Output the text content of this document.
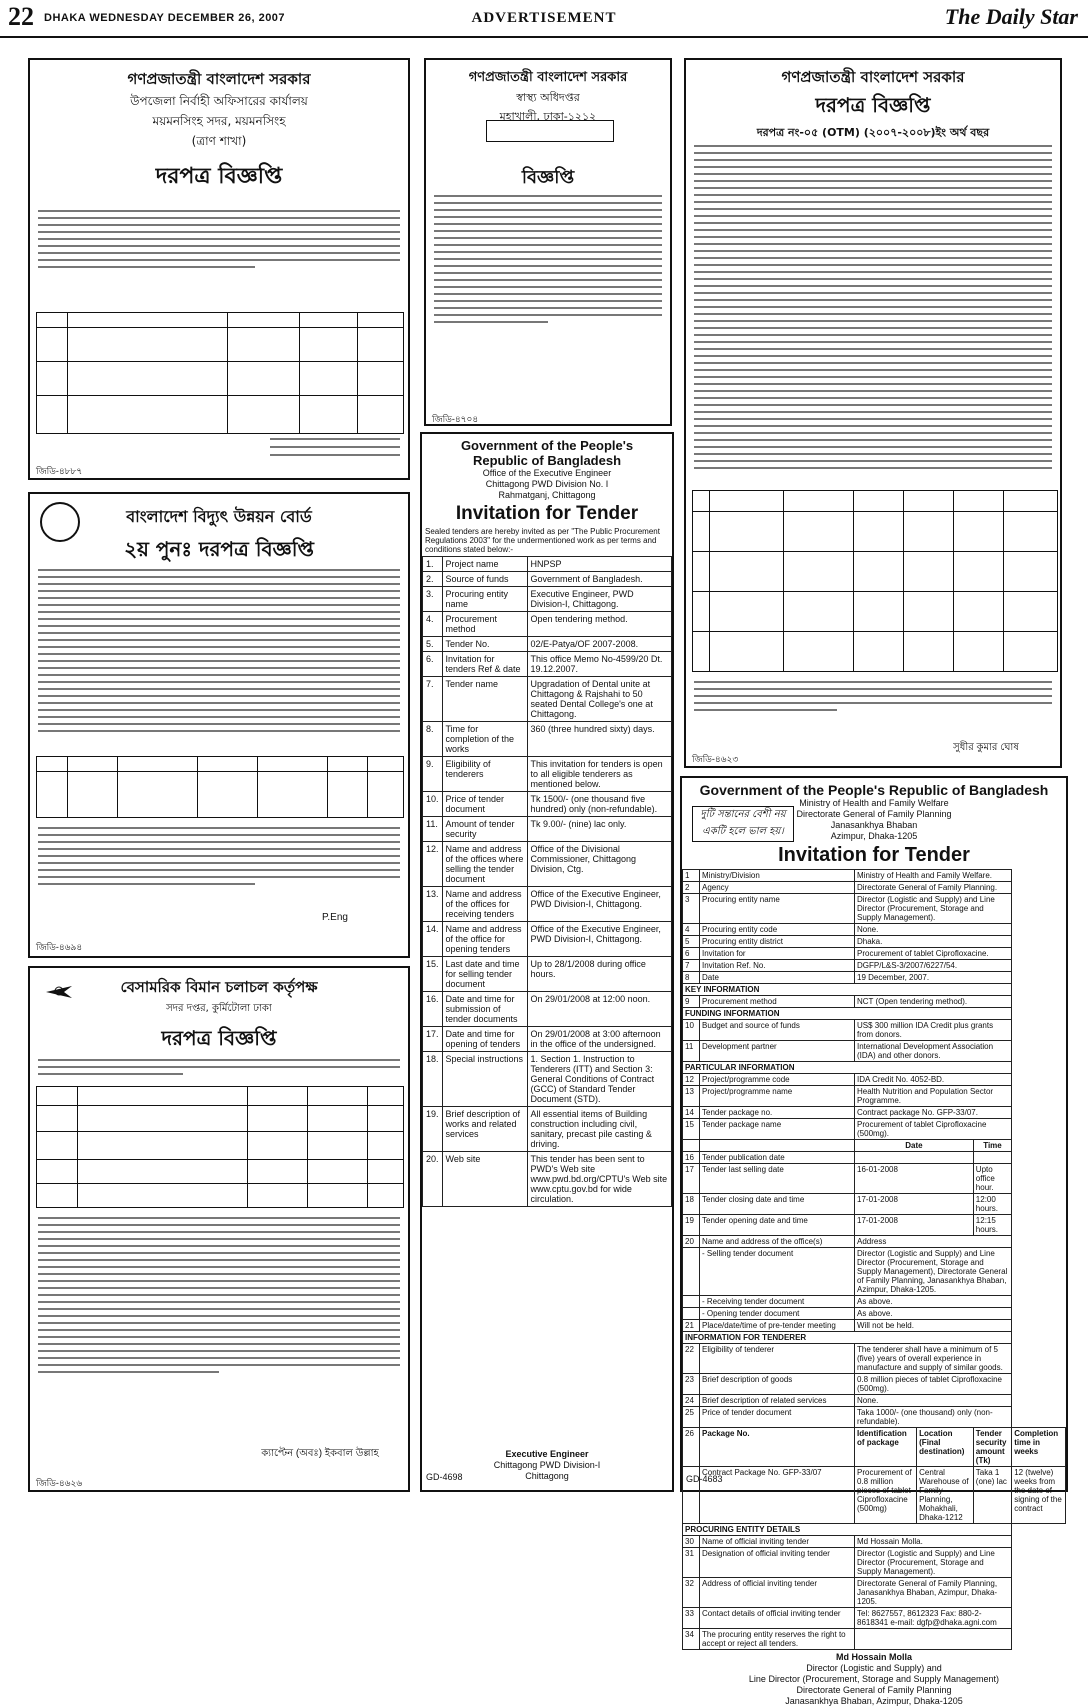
22 DHAKA WEDNESDAY DECEMBER 26, 2007	ADVERTISEMENT	The Daily Star
গণপ্রজাতন্ত্রী বাংলাদেশ সরকার
উপজেলা নির্বাহী অফিসারের কার্যালয়
ময়মনসিংহ সদর, ময়মনসিংহ
(ত্রাণ শাখা)
দরপত্র বিজ্ঞপ্তি
জিডি-৪৮৮৭
গণপ্রজাতন্ত্রী বাংলাদেশ সরকার
স্বাস্থ্য অধিদপ্তর
মহাখালী, ঢাকা-১২১২
বিজ্ঞপ্তি
জিডি-৪৭০৪
গণপ্রজাতন্ত্রী বাংলাদেশ সরকার
দরপত্র বিজ্ঞপ্তি
দরপত্র নং-০৫ (OTM) (২০০৭-২০০৮)ইং অর্থ বছর
সুধীর কুমার ঘোষ
জিডি-৪৬২৩
বাংলাদেশ বিদ্যুৎ উন্নয়ন বোর্ড
২য় পুনঃ দরপত্র বিজ্ঞপ্তি
P.Eng
জিডি-৪৬৯৪
Government of the People's Republic of Bangladesh
Office of the Executive Engineer
Chittagong PWD Division No. I
Rahmatganj, Chittagong
Invitation for Tender
Sealed tenders are hereby invited as per "The Public Procurement Regulations 2003" for the undermentioned work as per terms and conditions stated below:-
1.	Project name	HNPSP
2.	Source of funds	Government of Bangladesh.
3.	Procuring entity name	Executive Engineer, PWD Division-I, Chittagong.
4.	Procurement method	Open tendering method.
5.	Tender No.	02/E-Patya/OF 2007-2008.
6.	Invitation for tenders Ref & date	This office Memo No-4599/20 Dt. 19.12.2007.
7.	Tender name	Upgradation of Dental unite at Chittagong & Rajshahi to 50 seated Dental College's one at Chittagong.
8.	Time for completion of the works	360 (three hundred sixty) days.
9.	Eligibility of tenderers	This invitation for tenders is open to all eligible tenderers as mentioned below.
10.	Price of tender document	Tk 1500/- (one thousand five hundred) only (non-refundable).
11.	Amount of tender security	Tk 9.00/- (nine) lac only.
12.	Name and address of the offices where selling the tender document	Office of the Divisional Commissioner, Chittagong Division, Ctg.
13.	Name and address of the offices for receiving tenders	Office of the Executive Engineer, PWD Division-I, Chittagong.
14.	Name and address of the office for opening tenders	Office of the Executive Engineer, PWD Division-I, Chittagong.
15.	Last date and time for selling tender document	Up to 28/1/2008 during office hours.
16.	Date and time for submission of tender documents	On 29/01/2008 at 12:00 noon.
17.	Date and time for opening of tenders	On 29/01/2008 at 3:00 afternoon in the office of the undersigned.
18.	Special instructions	1. Section 1. Instruction to Tenderers (ITT) and Section 3: General Conditions of Contract (GCC) of Standard Tender Document (STD).
19.	Brief description of works and related services	All essential items of Building construction including civil, sanitary, precast pile casting & driving.
20.	Web site	This tender has been sent to PWD's Web site www.pwd.bd.org/CPTU's Web site www.cptu.gov.bd for wide circulation.
Executive Engineer
Chittagong PWD Division-I
Chittagong
GD-4698
বেসামরিক বিমান চলাচল কর্তৃপক্ষ
সদর দপ্তর, কুর্মিটোলা ঢাকা
দরপত্র বিজ্ঞপ্তি
ক্যাপ্টেন (অবঃ) ইকবাল উল্লাহ
জিডি-৪৬২৬
Government of the People's Republic of Bangladesh
Ministry of Health and Family Welfare
Directorate General of Family Planning
Janasankhya Bhaban
Azimpur, Dhaka-1205
দুটি সন্তানের বেশী নয়
একটি হলে ভাল হয়।
Invitation for Tender
1	Ministry/Division	Ministry of Health and Family Welfare.			
2	Agency	Directorate General of Family Planning.			
3	Procuring entity name	Director (Logistic and Supply) and Line Director (Procurement, Storage and Supply Management).			
4	Procuring entity code	None.			
5	Procuring entity district	Dhaka.			
6	Invitation for	Procurement of tablet Ciprofloxacine.			
7	Invitation Ref. No.	DGFP/L&S-3/2007/6227/54.			
8	Date	19 December, 2007.			
KEY INFORMATION					
9	Procurement method	NCT (Open tendering method).			
FUNDING INFORMATION					
10	Budget and source of funds	US$ 300 million IDA Credit plus grants from donors.			
11	Development partner	International Development Association (IDA) and other donors.			
PARTICULAR INFORMATION					
12	Project/programme code	IDA Credit No. 4052-BD.			
13	Project/programme name	Health Nutrition and Population Sector Programme.			
14	Tender package no.	Contract package No. GFP-33/07.			
15	Tender package name	Procurement of tablet Ciprofloxacine (500mg).			
		Date		Time	
16	Tender publication date				
17	Tender last selling date	16-01-2008		Upto office hour.	
18	Tender closing date and time	17-01-2008		12:00 hours.	
19	Tender opening date and time	17-01-2008		12:15 hours.	
20	Name and address of the office(s)	Address			
	- Selling tender document	Director (Logistic and Supply) and Line Director (Procurement, Storage and Supply Management), Directorate General of Family Planning, Janasankhya Bhaban, Azimpur, Dhaka-1205.			
	- Receiving tender document	As above.			
	- Opening tender document	As above.			
21	Place/date/time of pre-tender meeting	Will not be held.			
INFORMATION FOR TENDERER					
22	Eligibility of tenderer	The tenderer shall have a minimum of 5 (five) years of overall experience in manufacture and supply of similar goods.			
23	Brief description of goods	0.8 million pieces of tablet Ciprofloxacine (500mg).			
24	Brief description of related services	None.			
25	Price of tender document	Taka 1000/- (one thousand) only (non-refundable).			
26	Package No.	Identification of package	Location (Final destination)	Tender security amount (Tk)	Completion time in weeks
	Contract Package No. GFP-33/07	Procurement of 0.8 million pieces of tablet Ciprofloxacine (500mg)	Central Warehouse of Family Planning, Mohakhali, Dhaka-1212	Taka 1 (one) lac	12 (twelve) weeks from the date of signing of the contract
PROCURING ENTITY DETAILS					
30	Name of official inviting tender	Md Hossain Molla.			
31	Designation of official inviting tender	Director (Logistic and Supply) and Line Director (Procurement, Storage and Supply Management).			
32	Address of official inviting tender	Directorate General of Family Planning, Janasankhya Bhaban, Azimpur, Dhaka-1205.			
33	Contact details of official inviting tender	Tel: 8627557, 8612323 Fax: 880-2-8618341 e-mail: dgfp@dhaka.agni.com			
34	The procuring entity reserves the right to accept or reject all tenders.				
Md Hossain Molla
Director (Logistic and Supply) and
Line Director (Procurement, Storage and Supply Management)
Directorate General of Family Planning
Janasankhya Bhaban, Azimpur, Dhaka-1205
GD-4683
